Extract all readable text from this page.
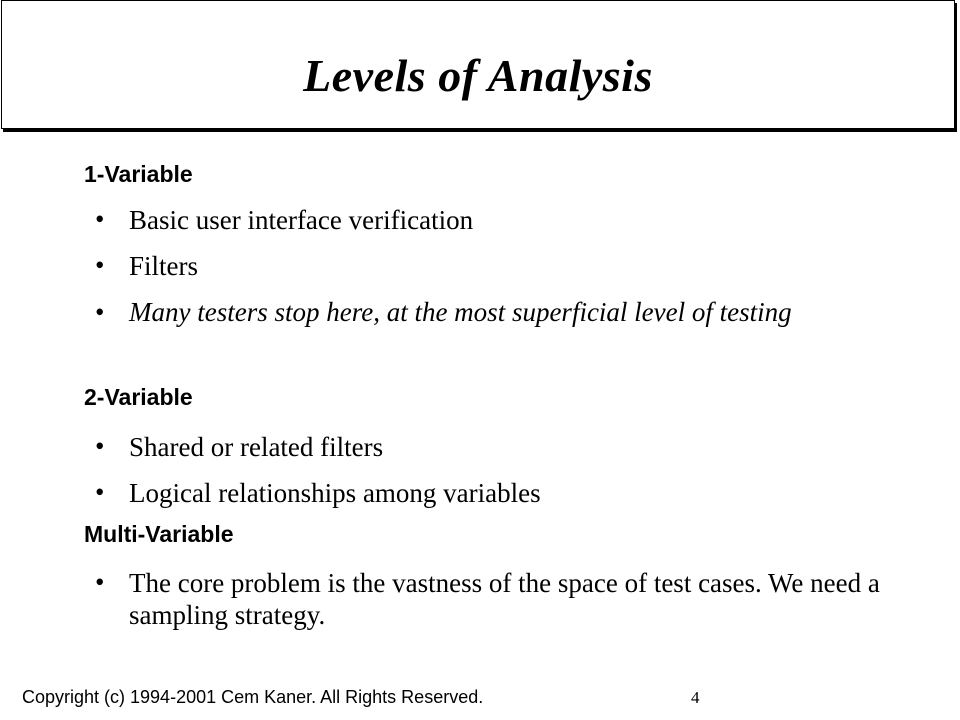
Levels of Analysis
1-Variable
• Basic user interface verification
• Filters
• Many testers stop here, at the most superficial level of testing
2-Variable
• Shared or related filters
• Logical relationships among variables
Multi-Variable
• The core problem is the vastness of the space of test cases. We need a sampling strategy.
Copyright (c) 1994-2001 Cem Kaner. All Rights Reserved.	4
